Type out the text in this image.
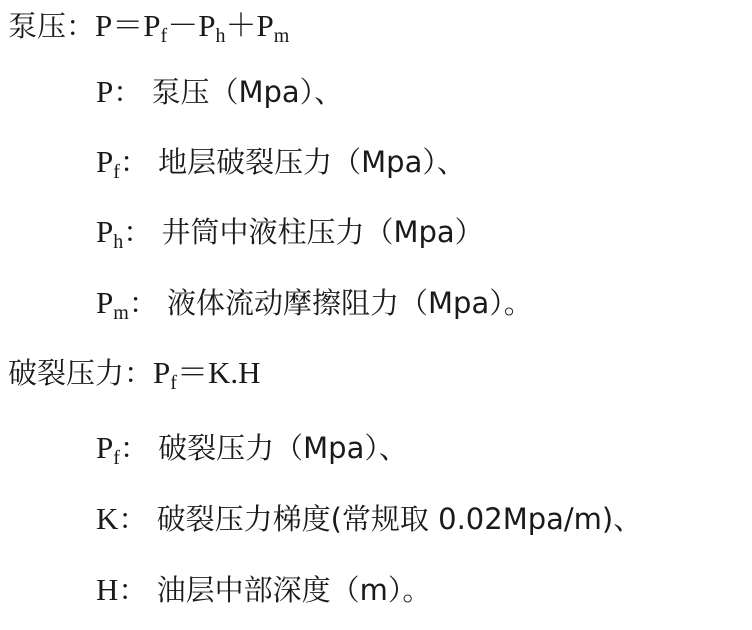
泵压： P ＝ P f － P h ＋ P m
P ： 泵压（Mpa）、
P f ： 地层破裂压力（Mpa）、
P h ： 井筒中液柱压力（Mpa）
P m ： 液体流动摩擦阻力（Mpa）。
破裂压力： P f ＝ K.H
P f ： 破裂压力（Mpa）、
K ： 破裂压力梯度(常规取 0.02Mpa/m)、
H ： 油层中部深度（m）。
